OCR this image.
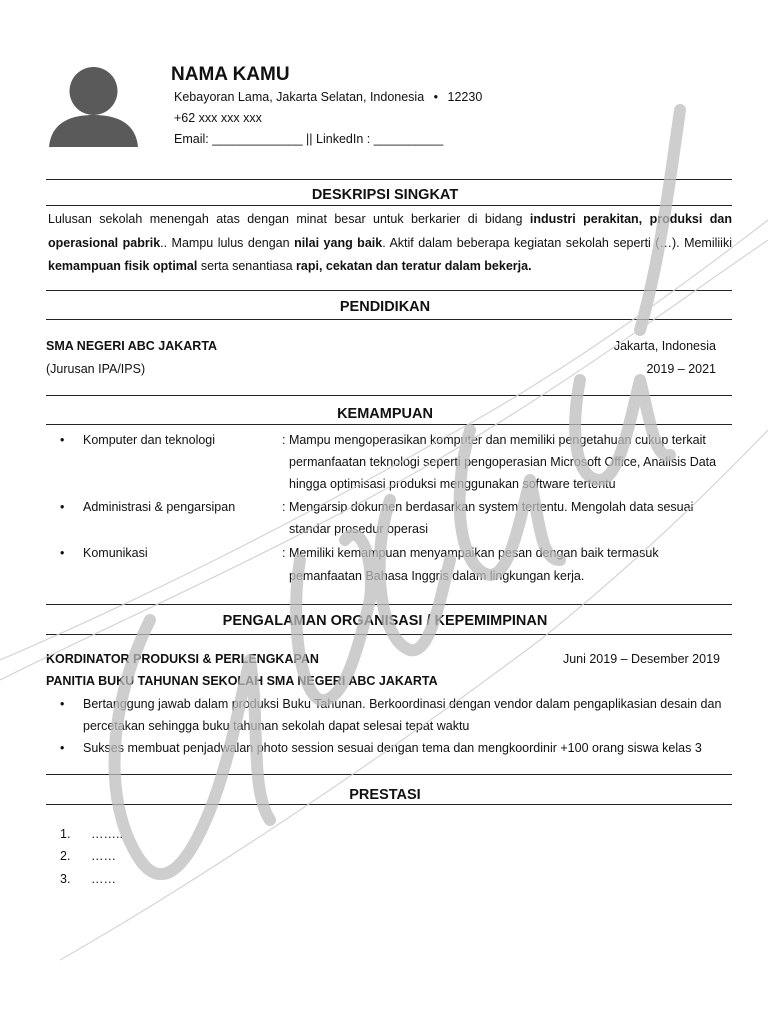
NAMA KAMU
Kebayoran Lama, Jakarta Selatan, Indonesia • 12230
+62 xxx xxx xxx
Email: _____________ || LinkedIn : __________
DESKRIPSI SINGKAT
Lulusan sekolah menengah atas dengan minat besar untuk berkarier di bidang industri perakitan, produksi dan operasional pabrik.. Mampu lulus dengan nilai yang baik. Aktif dalam beberapa kegiatan sekolah seperti (…). Memiliiki kemampuan fisik optimal serta senantiasa rapi, cekatan dan teratur dalam bekerja.
PENDIDIKAN
SMA NEGERI ABC JAKARTA	Jakarta, Indonesia
(Jurusan IPA/IPS)	2019 – 2021
KEMAMPUAN
• Komputer dan teknologi	: Mampu mengoperasikan komputer dan memiliki pengetahuan cukup terkait
permanfaatan teknologi seperti pengoperasian Microsoft Office, Analisis Data
hingga optimisasi produksi menggunakan software tertentu
• Administrasi & pengarsipan	: Mengarsip dokumen berdasarkan system tertentu. Mengolah data sesuai
standar prosedur operasi
• Komunikasi	: Memiliki kemampuan menyampaikan pesan dengan baik termasuk
pemanfaatan Bahasa Inggris dalam lingkungan kerja.
PENGALAMAN ORGANISASI / KEPEMIMPINAN
KORDINATOR PRODUKSI & PERLENGKAPAN	Juni 2019 – Desember 2019
PANITIA BUKU TAHUNAN SEKOLAH SMA NEGERI ABC JAKARTA
• Bertanggung jawab dalam produksi Buku Tahunan. Berkoordinasi dengan vendor dalam pengaplikasian desain dan
percetakan sehingga buku tahunan sekolah dapat selesai tepat waktu
• Sukses membuat penjadwalan photo session sesuai dengan tema dan mengkoordinir +100 orang siswa kelas 3
PRESTASI
1. ……..
2. ……
3. ……
